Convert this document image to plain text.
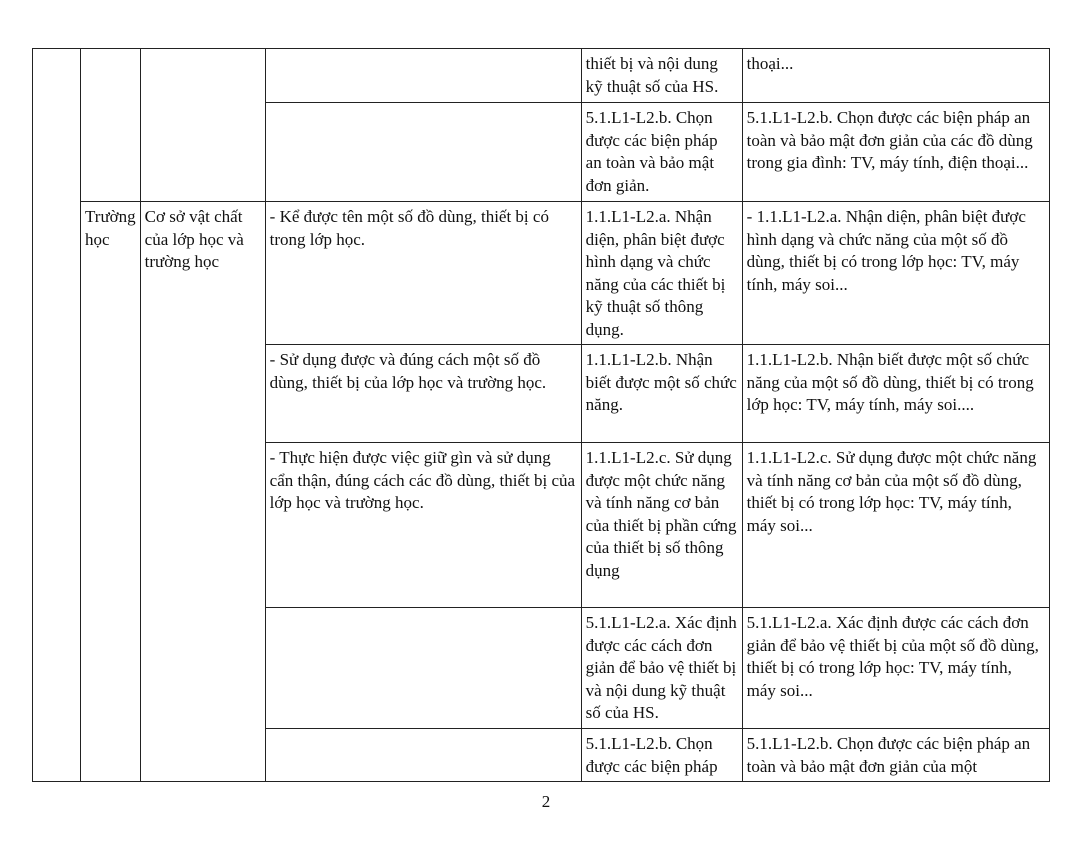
				thiết bị và nội dung kỹ thuật số của HS.	thoại...
				5.1.L1-L2.b. Chọn được các biện pháp an toàn và bảo mật đơn giản.	5.1.L1-L2.b. Chọn được các biện pháp an toàn và bảo mật đơn giản của các đồ dùng trong gia đình: TV, máy tính, điện thoại...
	Trường học	Cơ sở vật chất của lớp học và trường học	- Kể được tên một số đồ dùng, thiết bị có trong lớp học.	1.1.L1-L2.a. Nhận diện, phân biệt được hình dạng và chức năng của các thiết bị kỹ thuật số thông dụng.	- 1.1.L1-L2.a. Nhận diện, phân biệt được hình dạng và chức năng của một số đồ dùng, thiết bị có trong lớp học: TV, máy tính, máy soi...
			- Sử dụng được và đúng cách một số đồ dùng, thiết bị của lớp học và trường học.	1.1.L1-L2.b. Nhận biết được một số chức năng.	1.1.L1-L2.b. Nhận biết được một số chức năng của một số đồ dùng, thiết bị có trong lớp học: TV, máy tính, máy soi....
			- Thực hiện được việc giữ gìn và sử dụng cẩn thận, đúng cách các đồ dùng, thiết bị của lớp học và trường học.	1.1.L1-L2.c. Sử dụng được một chức năng và tính năng cơ bản của thiết bị phần cứng của thiết bị số thông dụng	1.1.L1-L2.c. Sử dụng được một chức năng và tính năng cơ bản của một số đồ dùng, thiết bị có trong lớp học: TV, máy tính, máy soi...
				5.1.L1-L2.a. Xác định được các cách đơn giản để bảo vệ thiết bị và nội dung kỹ thuật số của HS.	5.1.L1-L2.a. Xác định được các cách đơn giản để bảo vệ thiết bị của một số đồ dùng, thiết bị có trong lớp học: TV, máy tính, máy soi...
				5.1.L1-L2.b. Chọn được các biện pháp	5.1.L1-L2.b. Chọn được các biện pháp an toàn và bảo mật đơn giản của một
2
